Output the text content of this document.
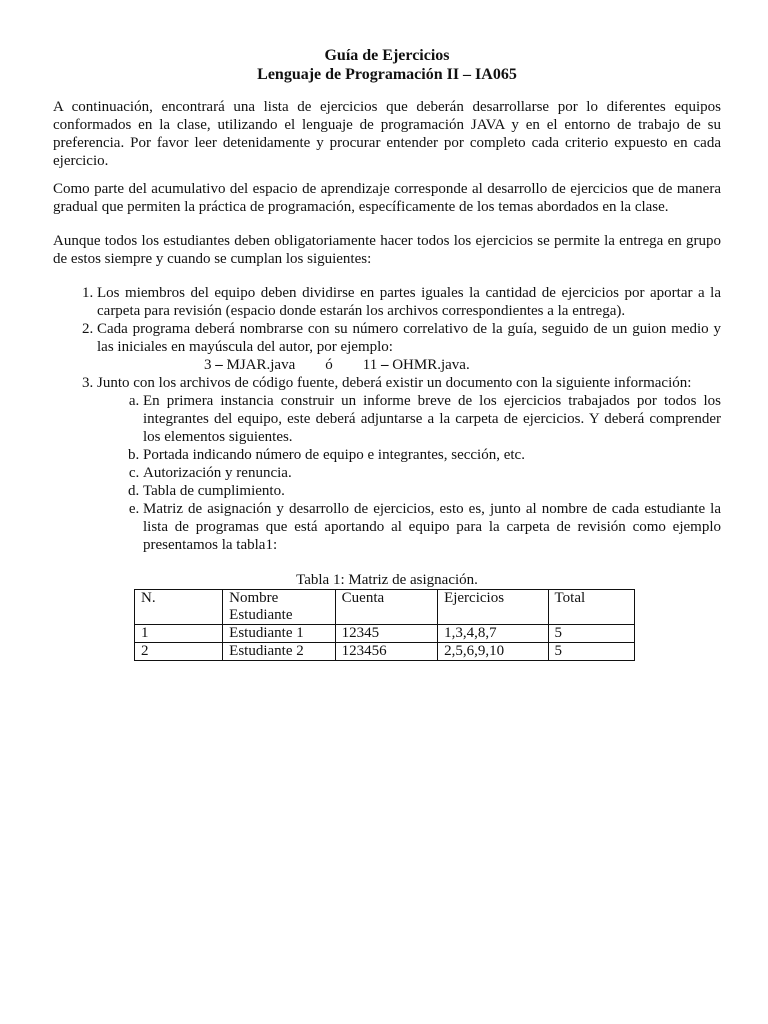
Guía de Ejercicios
Lenguaje de Programación II – IA065

A continuación, encontrará una lista de ejercicios que deberán desarrollarse por lo diferentes equipos conformados en la clase, utilizando el lenguaje de programación JAVA y en el entorno de trabajo de su preferencia. Por favor leer detenidamente y procurar entender por completo cada criterio expuesto en cada ejercicio.

Como parte del acumulativo del espacio de aprendizaje corresponde al desarrollo de ejercicios que de manera gradual que permiten la práctica de programación, específicamente de los temas abordados en la clase.

Aunque todos los estudiantes deben obligatoriamente hacer todos los ejercicios se permite la entrega en grupo de estos siempre y cuando se cumplan los siguientes:

1. Los miembros del equipo deben dividirse en partes iguales la cantidad de ejercicios por aportar a la carpeta para revisión (espacio donde estarán los archivos correspondientes a la entrega).
2. Cada programa deberá nombrarse con su número correlativo de la guía, seguido de un guion medio y las iniciales en mayúscula del autor, por ejemplo:
3 – MJAR.java ó 11 – OHMR.java.
3. Junto con los archivos de código fuente, deberá existir un documento con la siguiente información:
a. En primera instancia construir un informe breve de los ejercicios trabajados por todos los integrantes del equipo, este deberá adjuntarse a la carpeta de ejercicios. Y deberá comprender los elementos siguientes.
b. Portada indicando número de equipo e integrantes, sección, etc.
c. Autorización y renuncia.
d. Tabla de cumplimiento.
e. Matriz de asignación y desarrollo de ejercicios, esto es, junto al nombre de cada estudiante la lista de programas que está aportando al equipo para la carpeta de revisión como ejemplo presentamos la tabla1:
Tabla 1: Matriz de asignación.
N.	Nombre Estudiante	Cuenta	Ejercicios	Total
1	Estudiante 1	12345	1,3,4,8,7	5
2	Estudiante 2	123456	2,5,6,9,10	5
